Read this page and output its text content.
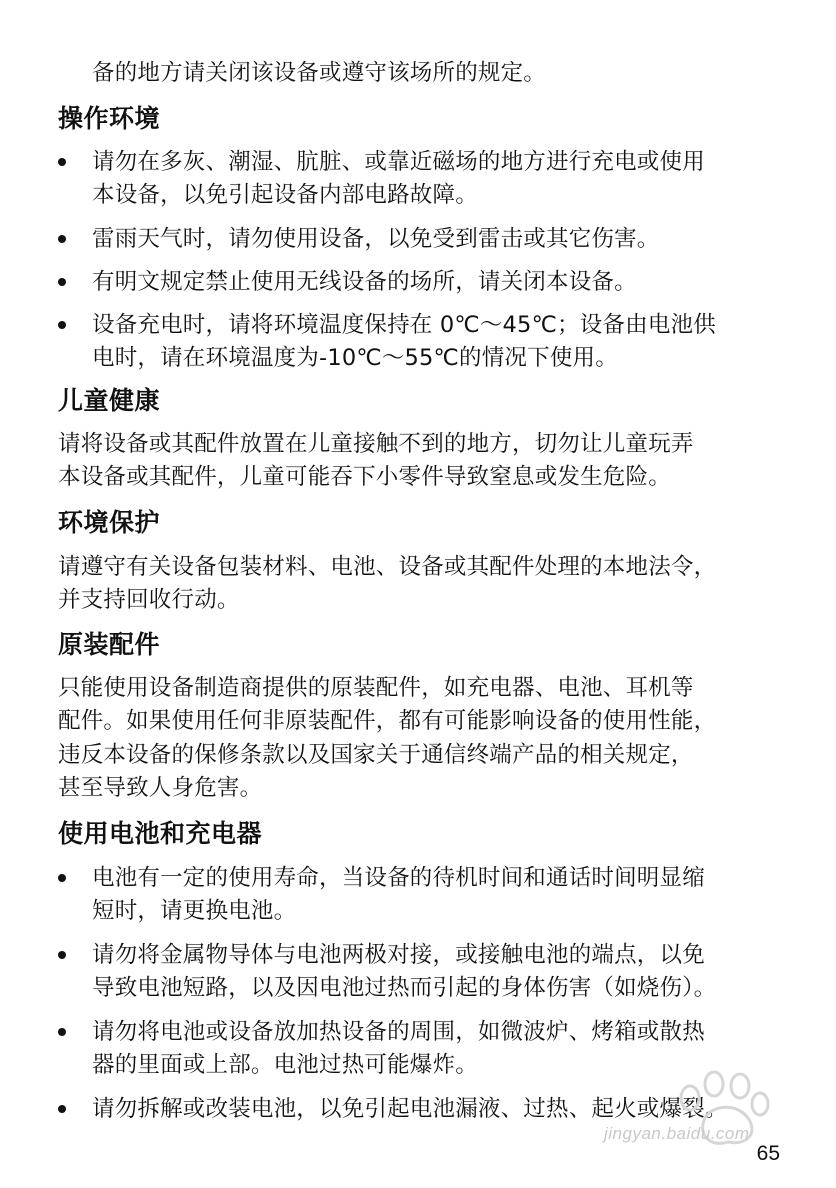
备的地方请关闭该设备或遵守该场所的规定。
操作环境
请勿在多灰、潮湿、肮脏、或靠近磁场的地方进行充电或使用
本设备，以免引起设备内部电路故障。
雷雨天气时，请勿使用设备，以免受到雷击或其它伤害。
有明文规定禁止使用无线设备的场所，请关闭本设备。
设备充电时，请将环境温度保持在 0℃～45℃；设备由电池供
电时，请在环境温度为-10℃～55℃的情况下使用。
儿童健康
请将设备或其配件放置在儿童接触不到的地方，切勿让儿童玩弄
本设备或其配件，儿童可能吞下小零件导致窒息或发生危险。
环境保护
请遵守有关设备包装材料、电池、设备或其配件处理的本地法令，
并支持回收行动。
原装配件
只能使用设备制造商提供的原装配件，如充电器、电池、耳机等
配件。如果使用任何非原装配件，都有可能影响设备的使用性能，
违反本设备的保修条款以及国家关于通信终端产品的相关规定，
甚至导致人身危害。
使用电池和充电器
电池有一定的使用寿命，当设备的待机时间和通话时间明显缩
短时，请更换电池。
请勿将金属物导体与电池两极对接，或接触电池的端点，以免
导致电池短路，以及因电池过热而引起的身体伤害（如烧伤）。
请勿将电池或设备放加热设备的周围，如微波炉、烤箱或散热
器的里面或上部。电池过热可能爆炸。
请勿拆解或改装电池，以免引起电池漏液、过热、起火或爆裂。
jingyan.baidu.com
65
